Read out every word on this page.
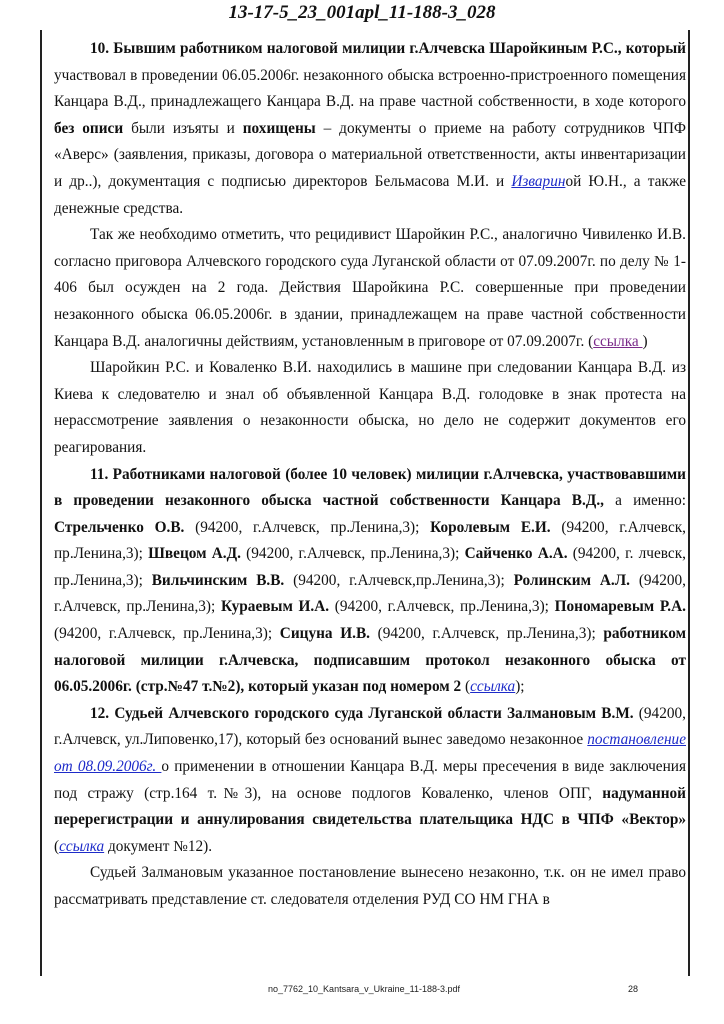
13-17-5_23_001apl_11-188-3_028

10. Бывшим работником налоговой милиции г.Алчевска Шаройкиным Р.С., который участвовал в проведении 06.05.2006г. незаконного обыска встроенно-пристроенного помещения Канцара В.Д., принадлежащего Канцара В.Д. на праве частной собственности, в ходе которого без описи были изъяты и похищены – документы о приеме на работу сотрудников ЧПФ «Аверс» (заявления, приказы, договора о материальной ответственности, акты инвентаризации и др..), документация с подписью директоров Бельмасова М.И. и Извариной Ю.Н., а также денежные средства.

Так же необходимо отметить, что рецидивист Шаройкин Р.С., аналогично Чивиленко И.В. согласно приговора Алчевского городского суда Луганской области от 07.09.2007г. по делу № 1-406 был осужден на 2 года. Действия Шаройкина Р.С. совершенные при проведении незаконного обыска 06.05.2006г. в здании, принадлежащем на праве частной собственности Канцара В.Д. аналогичны действиям, установленным в приговоре от 07.09.2007г. (ссылка )

Шаройкин Р.С. и Коваленко В.И. находились в машине при следовании Канцара В.Д. из Киева к следователю и знал об объявленной Канцара В.Д. голодовке в знак протеста на нерассмотрение заявления о незаконности обыска, но дело не содержит документов его реагирования.

11. Работниками налоговой (более 10 человек) милиции г.Алчевска, участвовавшими в проведении незаконного обыска частной собственности Канцара В.Д., а именно: Стрельченко О.В. (94200, г.Алчевск, пр.Ленина,3); Королевым Е.И. (94200, г.Алчевск, пр.Ленина,3); Швецом А.Д. (94200, г.Алчевск, пр.Ленина,3); Сайченко А.А. (94200, г. лчевск, пр.Ленина,3); Вильчинским В.В. (94200, г.Алчевск,пр.Ленина,3); Ролинским А.Л. (94200, г.Алчевск, пр.Ленина,3); Кураевым И.А. (94200, г.Алчевск, пр.Ленина,3); Пономаревым Р.А. (94200, г.Алчевск, пр.Ленина,3); Сицуна И.В. (94200, г.Алчевск, пр.Ленина,3); работником налоговой милиции г.Алчевска, подписавшим протокол незаконного обыска от 06.05.2006г. (стр.№47 т.№2), который указан под номером 2 (ссылка);

12. Судьей Алчевского городского суда Луганской области Залмановым В.М. (94200, г.Алчевск, ул.Липовенко,17), который без оснований вынес заведомо незаконное постановление от 08.09.2006г. о применении в отношении Канцара В.Д. меры пресечения в виде заключения под стражу (стр.164 т.№3), на основе подлогов Коваленко, членов ОПГ, надуманной перерегистрации и аннулирования свидетельства плательщика НДС в ЧПФ «Вектор» (ссылка документ №12).

Судьей Залмановым указанное постановление вынесено незаконно, т.к. он не имел право рассматривать представление ст. следователя отделения РУД СО НМ ГНА в

no_7762_10_Kantsara_v_Ukraine_11-188-3.pdf	28
